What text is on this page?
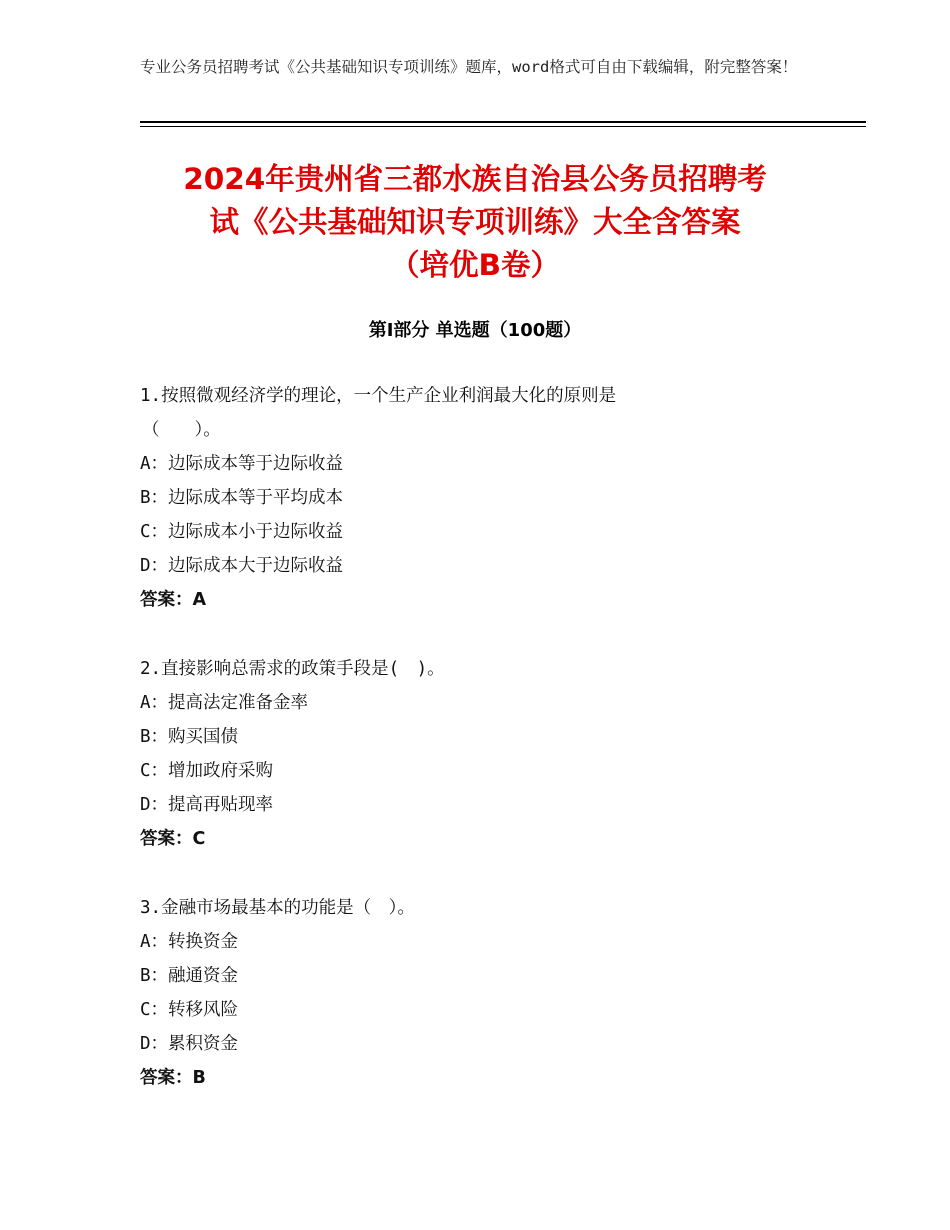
专业公务员招聘考试《公共基础知识专项训练》题库，word格式可自由下载编辑，附完整答案！
2024年贵州省三都水族自治县公务员招聘考
试《公共基础知识专项训练》大全含答案
（培优B卷）
第Ⅰ部分 单选题（100题）
1.按照微观经济学的理论，一个生产企业利润最大化的原则是
（　　）。
A：边际成本等于边际收益
B：边际成本等于平均成本
C：边际成本小于边际收益
D：边际成本大于边际收益
答案：A
2.直接影响总需求的政策手段是(　)。
A：提高法定准备金率
B：购买国债
C：增加政府采购
D：提高再贴现率
答案：C
3.金融市场最基本的功能是（　）。
A：转换资金
B：融通资金
C：转移风险
D：累积资金
答案：B
